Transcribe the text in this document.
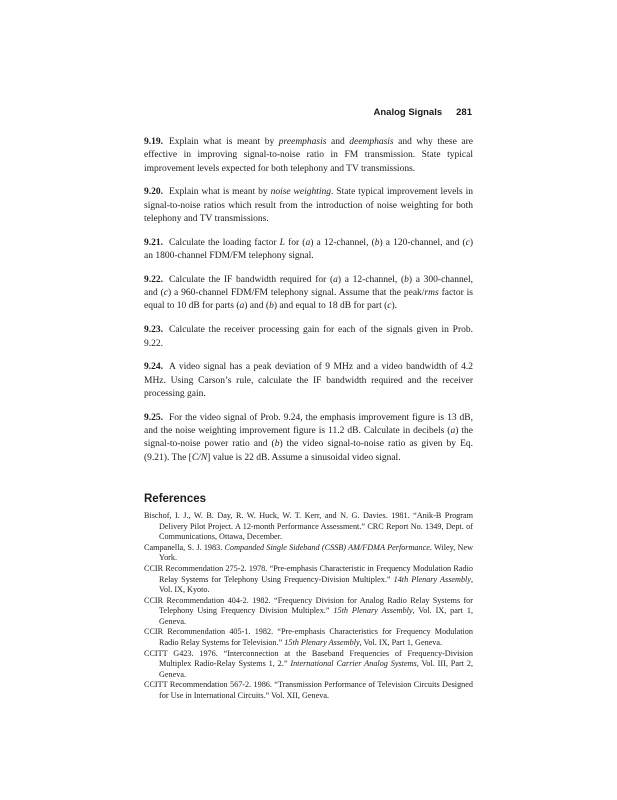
Analog Signals 281

9.19. Explain what is meant by preemphasis and deemphasis and why these are effective in improving signal-to-noise ratio in FM transmission. State typical improvement levels expected for both telephony and TV transmissions.

9.20. Explain what is meant by noise weighting. State typical improvement levels in signal-to-noise ratios which result from the introduction of noise weighting for both telephony and TV transmissions.

9.21. Calculate the loading factor L for (a) a 12-channel, (b) a 120-channel, and (c) an 1800-channel FDM/FM telephony signal.

9.22. Calculate the IF bandwidth required for (a) a 12-channel, (b) a 300-channel, and (c) a 960-channel FDM/FM telephony signal. Assume that the peak/rms factor is equal to 10 dB for parts (a) and (b) and equal to 18 dB for part (c).

9.23. Calculate the receiver processing gain for each of the signals given in Prob. 9.22.

9.24. A video signal has a peak deviation of 9 MHz and a video bandwidth of 4.2 MHz. Using Carson’s rule, calculate the IF bandwidth required and the receiver processing gain.

9.25. For the video signal of Prob. 9.24, the emphasis improvement figure is 13 dB, and the noise weighting improvement figure is 11.2 dB. Calculate in decibels (a) the signal-to-noise power ratio and (b) the video signal-to-noise ratio as given by Eq. (9.21). The [C/N] value is 22 dB. Assume a sinusoidal video signal.

References

Bischof, I. J., W. B. Day, R. W. Huck, W. T. Kerr, and N. G. Davies. 1981. “Anik-B Program Delivery Pilot Project. A 12-month Performance Assessment.” CRC Report No. 1349, Dept. of Communications, Ottawa, December.

Campanella, S. J. 1983. Companded Single Sideband (CSSB) AM/FDMA Performance. Wiley, New York.

CCIR Recommendation 275-2. 1978. “Pre-emphasis Characteristic in Frequency Modulation Radio Relay Systems for Telephony Using Frequency-Division Multiplex.” 14th Plenary Assembly, Vol. IX, Kyoto.

CCIR Recommendation 404-2. 1982. “Frequency Division for Analog Radio Relay Systems for Telephony Using Frequency Division Multiplex.” 15th Plenary Assembly, Vol. IX, part 1, Geneva.

CCIR Recommendation 405-1. 1982. “Pre-emphasis Characteristics for Frequency Modulation Radio Relay Systems for Television.” 15th Plenary Assembly, Vol. IX, Part 1, Geneva.

CCITT G423. 1976. “Interconnection at the Baseband Frequencies of Frequency-Division Multiplex Radio-Relay Systems 1, 2.” International Carrier Analog Systems, Vol. III, Part 2, Geneva.

CCITT Recommendation 567-2. 1986. “Transmission Performance of Television Circuits Designed for Use in International Circuits.” Vol. XII, Geneva.
